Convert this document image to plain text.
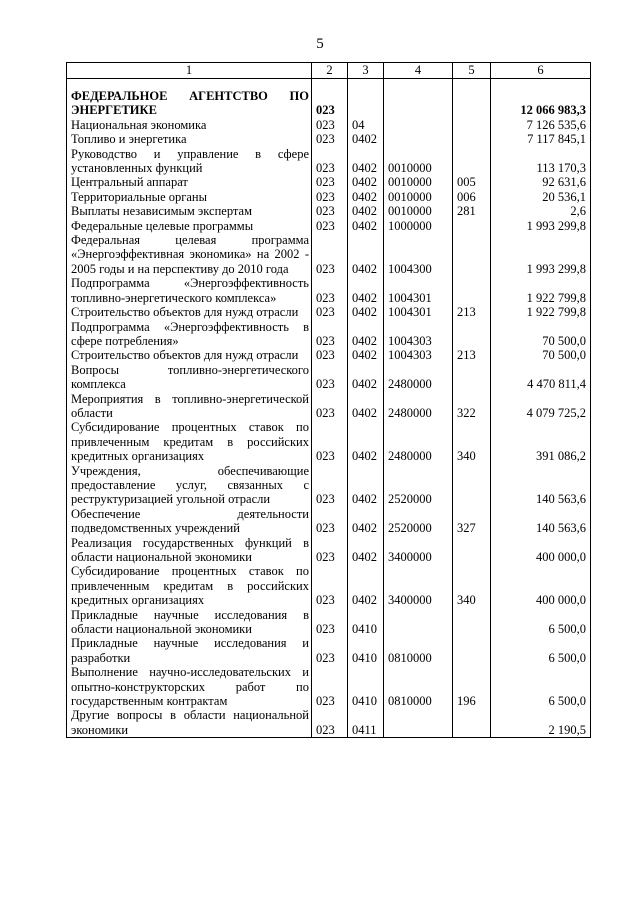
5
1	2	3	4	5	6
ФЕДЕРАЛЬНОЕ АГЕНТСТВО ПО ЭНЕРГЕТИКЕ	023				12 066 983,3
Национальная экономика	023	04			7 126 535,6
Топливо и энергетика	023	0402			7 117 845,1
Руководство и управление в сфере установленных функций	023	0402	0010000		113 170,3
Центральный аппарат	023	0402	0010000	005	92 631,6
Территориальные органы	023	0402	0010000	006	20 536,1
Выплаты независимым экспертам	023	0402	0010000	281	2,6
Федеральные целевые программы	023	0402	1000000		1 993 299,8
Федеральная целевая программа «Энергоэффективная экономика» на 2002 - 2005 годы и на перспективу до 2010 года	023	0402	1004300		1 993 299,8
Подпрограмма «Энергоэффективность топливно-энергетического комплекса»	023	0402	1004301		1 922 799,8
Строительство объектов для нужд отрасли	023	0402	1004301	213	1 922 799,8
Подпрограмма «Энергоэффективность в сфере потребления»	023	0402	1004303		70 500,0
Строительство объектов для нужд отрасли	023	0402	1004303	213	70 500,0
Вопросы топливно-энергетического комплекса	023	0402	2480000		4 470 811,4
Мероприятия в топливно-энергетической области	023	0402	2480000	322	4 079 725,2
Субсидирование процентных ставок по привлеченным кредитам в российских кредитных организациях	023	0402	2480000	340	391 086,2
Учреждения, обеспечивающие предоставление услуг, связанных с реструктуризацией угольной отрасли	023	0402	2520000		140 563,6
Обеспечение деятельности подведомственных учреждений	023	0402	2520000	327	140 563,6
Реализация государственных функций в области национальной экономики	023	0402	3400000		400 000,0
Субсидирование процентных ставок по привлеченным кредитам в российских кредитных организациях	023	0402	3400000	340	400 000,0
Прикладные научные исследования в области национальной экономики	023	0410			6 500,0
Прикладные научные исследования и разработки	023	0410	0810000		6 500,0
Выполнение научно-исследовательских и опытно-конструкторских работ по государственным контрактам	023	0410	0810000	196	6 500,0
Другие вопросы в области национальной экономики	023	0411			2 190,5
